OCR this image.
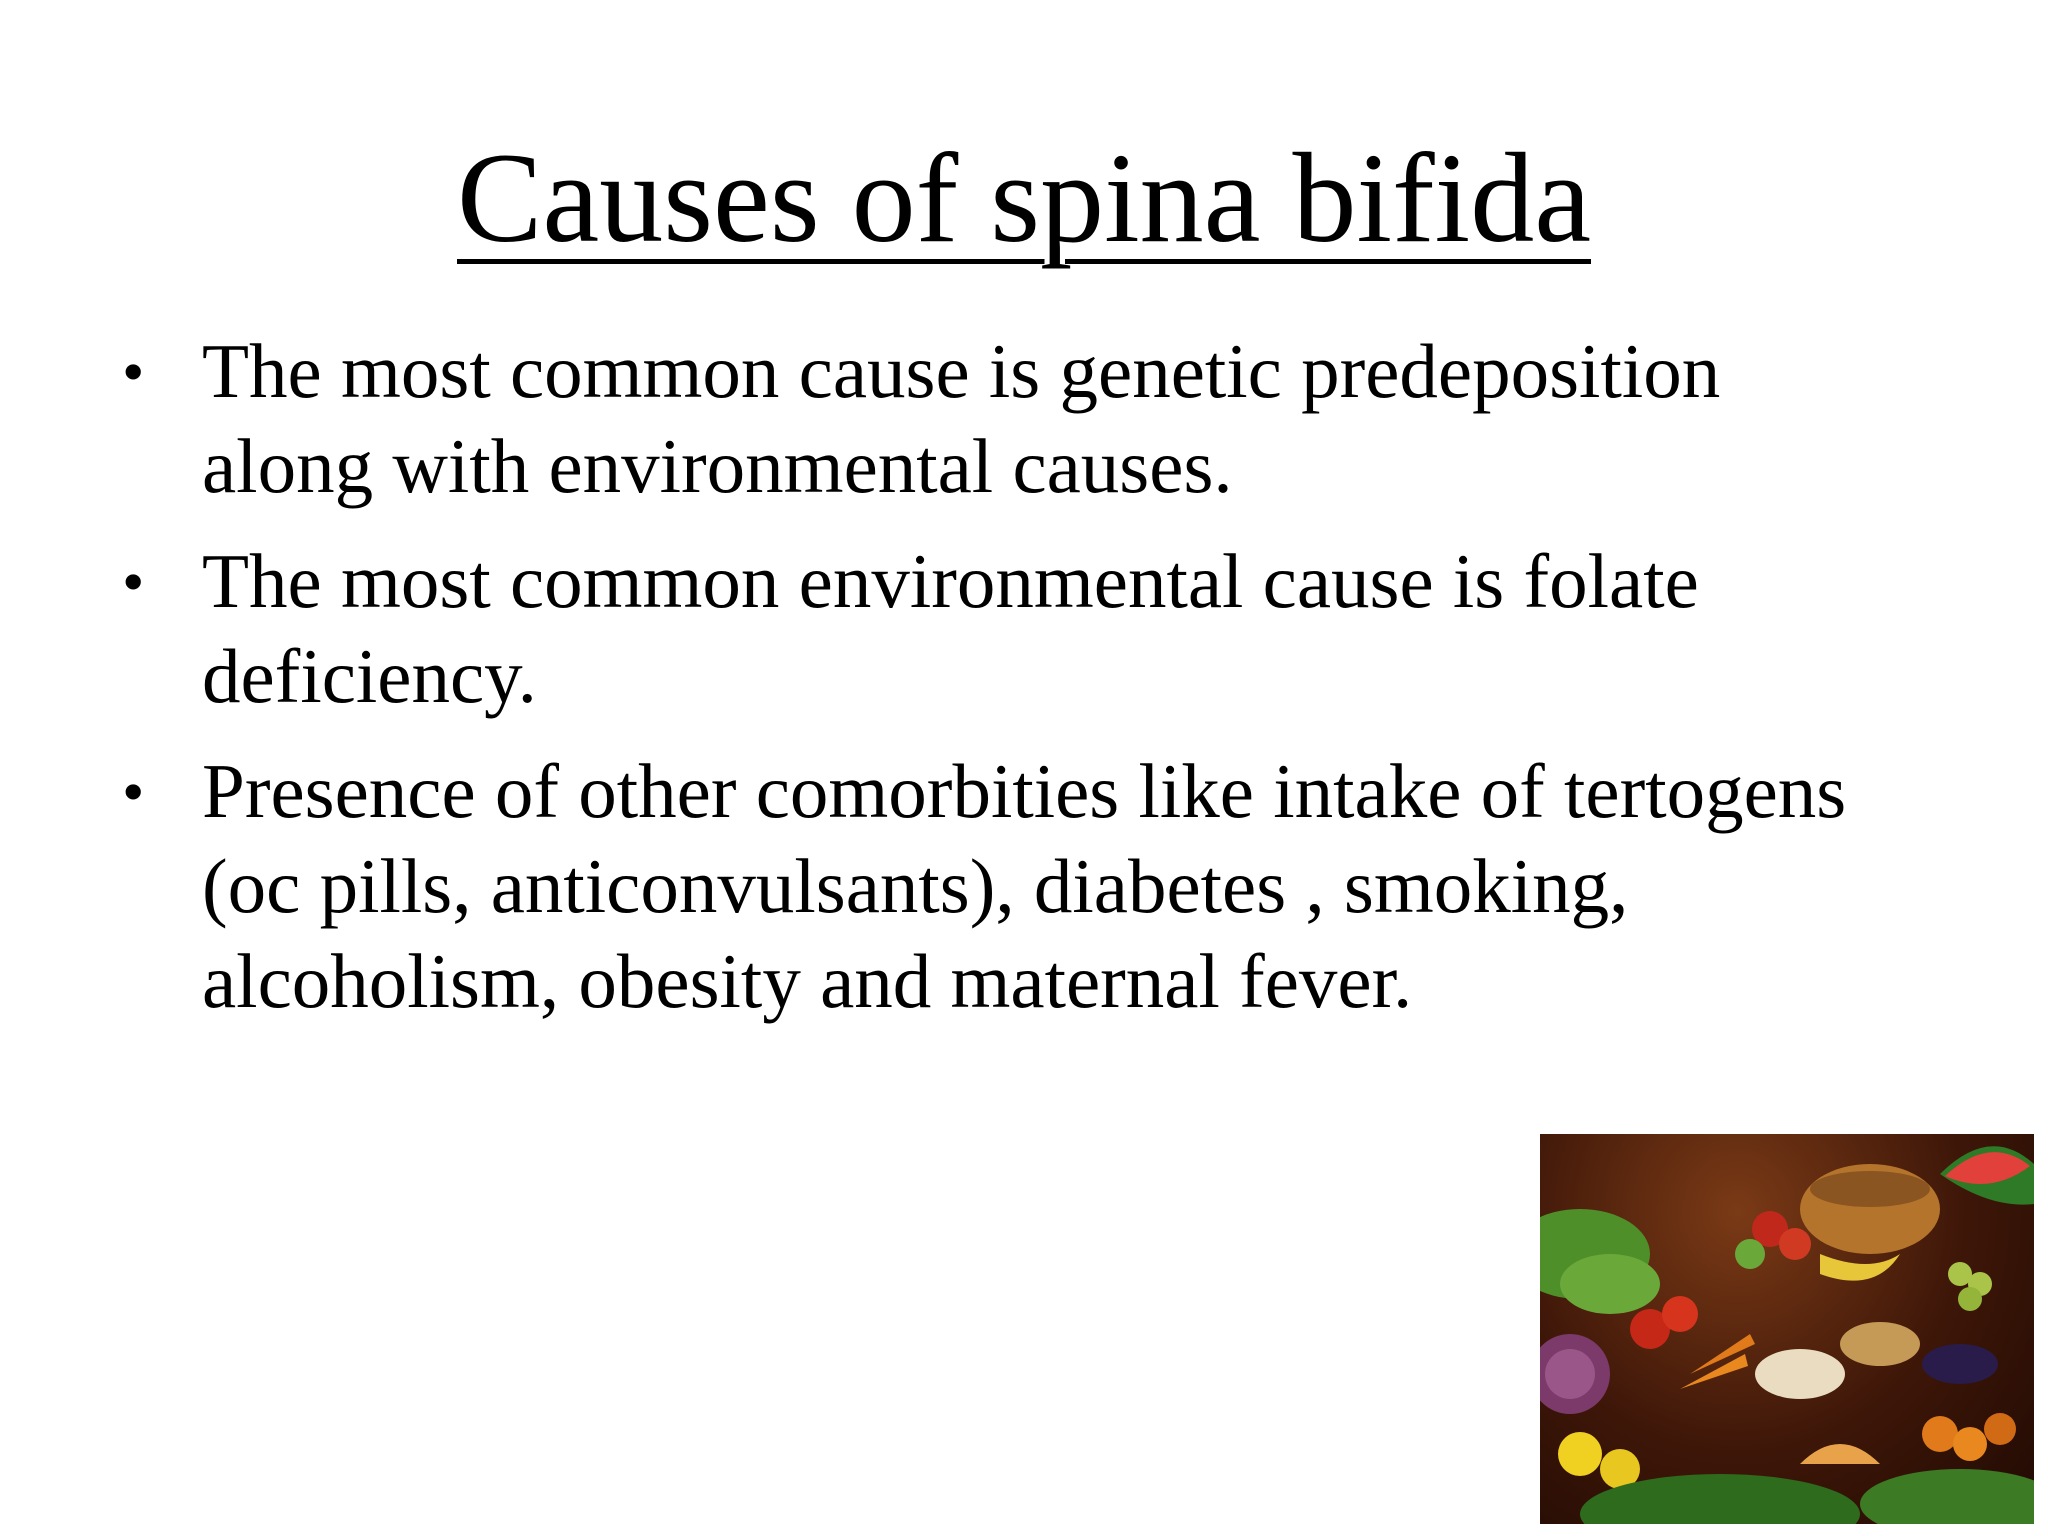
Causes of spina bifida
• The most common cause is genetic predeposition
along with environmental causes.
• The most common environmental cause is folate
deficiency.
• Presence of other comorbities like intake of tertogens
(oc pills, anticonvulsants), diabetes , smoking,
alcoholism, obesity and maternal fever.
